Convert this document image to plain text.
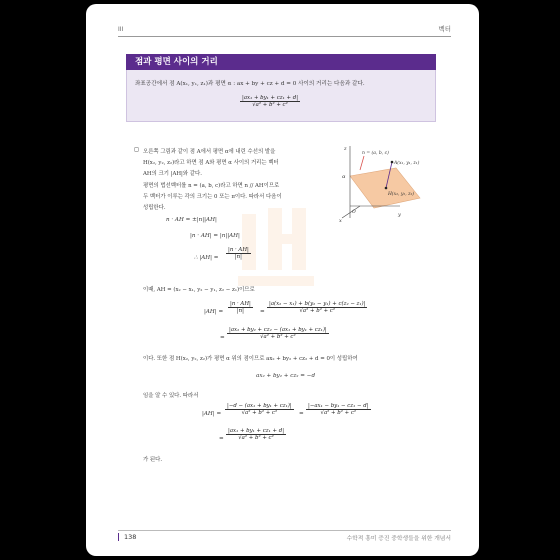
III	벡터
점과 평면 사이의 거리
좌표공간에서 점 A(x₁, y₁, z₁)과 평면 α : ax + by + cz + d = 0 사이의 거리는 다음과 같다.
$\frac{\text{|ax₁ + by₁ + cz₁ + d|}}{\text{√a² + b² + c²}}$
◻ 오른쪽 그림과 같이 점 A에서 평면 α에 내린 수선의 발을
H(x₂, y₂, z₂)라고 하면 점 A와 평면 α 사이의 거리는 벡터
AH의 크기 |AH|와 같다.
평면의 법선벡터를 n = (a, b, c)라고 하면 n // AH이므로
두 벡터가 이루는 각의 크기는 0 또는 π이다. 따라서 다음이
성립한다.
z
x
y
O
n = (a, b, c)
A(x₁, y₁, z₁)
H(x₂, y₂, z₂)
α
n · AH = ±|n||AH|
|n · AH| = |n||AH|
∴ $|AH| = \frac{|n \cdot AH|}{|n|}$
이때, AH = (x₂ − x₁, y₂ − y₁, z₂ − z₁)이므로
$|AH| = \frac{|n \cdot AH|}{|n|} = \frac{\text{|a(x₂ − x₁) + b(y₂ − y₁) + c(z₂ − z₁)|}}{\text{√a² + b² + c²}}$
= $\frac{\text{|ax₂ + by₂ + cz₂ − (ax₁ + by₁ + cz₁)|}}{\text{√a² + b² + c²}}$
이다. 또한 점 H(x₂, y₂, z₂)가 평면 α 위의 점이므로 ax₂ + by₂ + cz₂ + d = 0이 성립하여
ax₂ + by₂ + cz₂ = −d
임을 알 수 있다. 따라서
$|AH| = \frac{\text{|−d − (ax₁ + by₁ + cz₁)|}}{\text{√a² + b² + c²}} = \frac{\text{|−ax₁ − by₁ − cz₁ − d|}}{\text{√a² + b² + c²}}$
= $\frac{\text{|ax₁ + by₁ + cz₁ + d|}}{\text{√a² + b² + c²}}$
가 된다.
138	수학적 흥미 증진 중학생들을 위한 개념서
